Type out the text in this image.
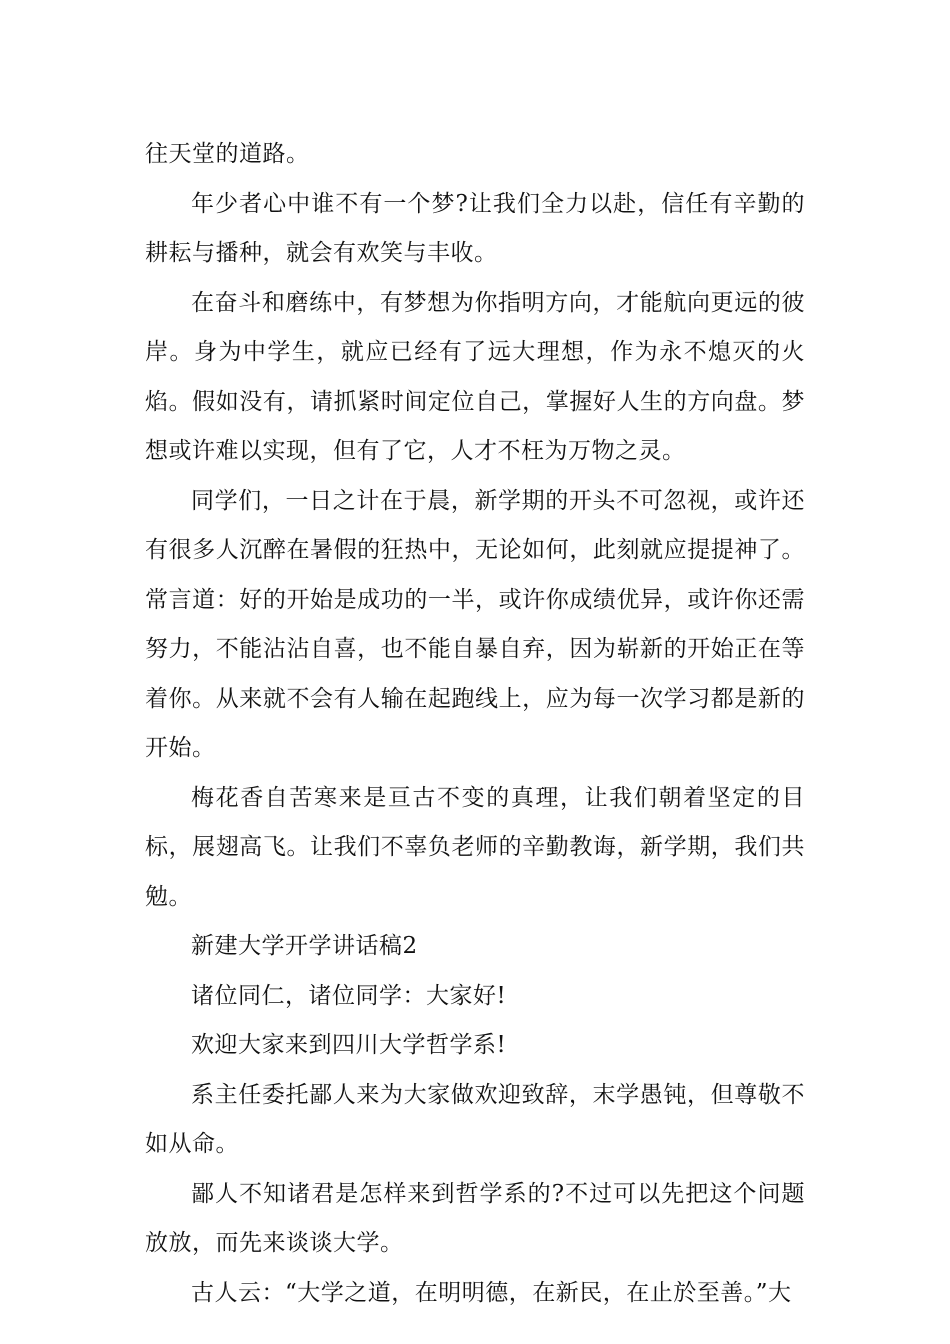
往天堂的道路。

年少者心中谁不有一个梦?让我们全力以赴，信任有辛勤的耕耘与播种，就会有欢笑与丰收。

在奋斗和磨练中，有梦想为你指明方向，才能航向更远的彼岸。身为中学生，就应已经有了远大理想，作为永不熄灭的火焰。假如没有，请抓紧时间定位自己，掌握好人生的方向盘。梦想或许难以实现，但有了它，人才不枉为万物之灵。

同学们，一日之计在于晨，新学期的开头不可忽视，或许还有很多人沉醉在暑假的狂热中，无论如何，此刻就应提提神了。常言道：好的开始是成功的一半，或许你成绩优异，或许你还需努力，不能沾沾自喜，也不能自暴自弃，因为崭新的开始正在等着你。从来就不会有人输在起跑线上，应为每一次学习都是新的开始。

梅花香自苦寒来是亘古不变的真理，让我们朝着坚定的目标，展翅高飞。让我们不辜负老师的辛勤教诲，新学期，我们共勉。

新建大学开学讲话稿2

诸位同仁，诸位同学：大家好!

欢迎大家来到四川大学哲学系!

系主任委托鄙人来为大家做欢迎致辞，末学愚钝，但尊敬不如从命。

鄙人不知诸君是怎样来到哲学系的?不过可以先把这个问题放放，而先来谈谈大学。

古人云：“大学之道，在明明德，在新民，在止於至善。”大
